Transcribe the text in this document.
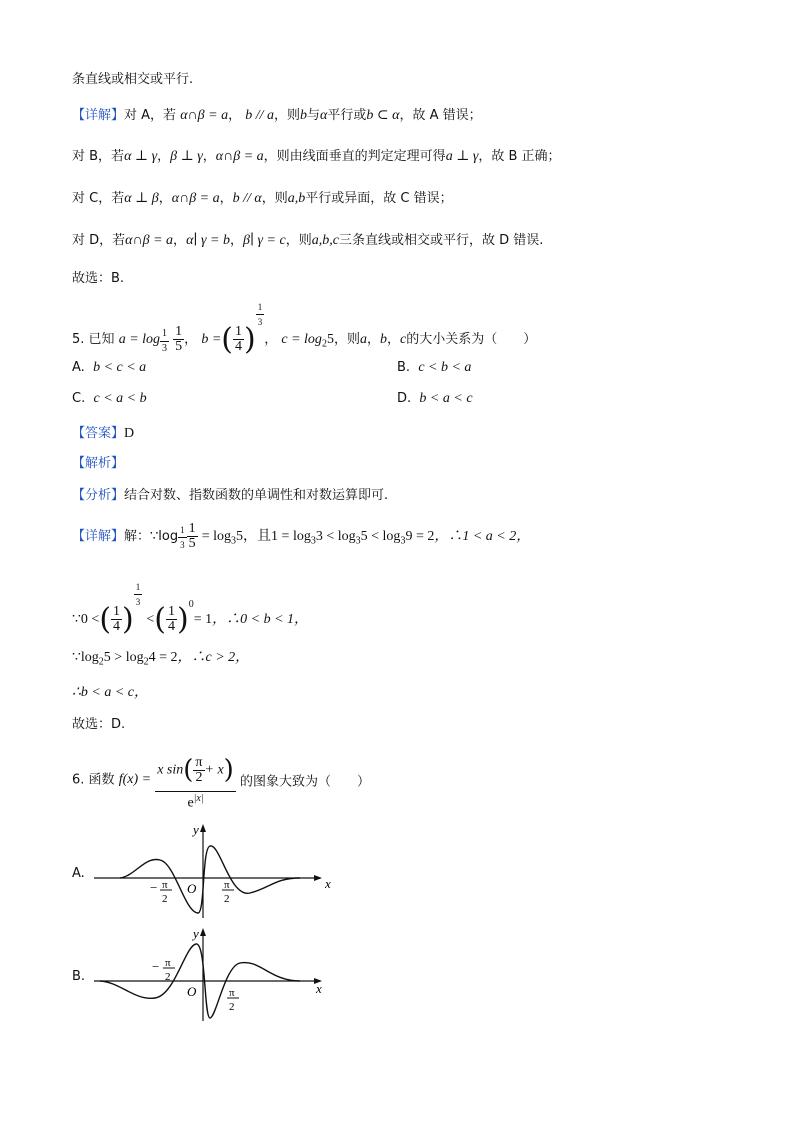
条直线或相交或平行.
【详解】对 A，若 α∩β = a， b // a，则b与α平行或b ⊂ α，故 A 错误；
对 B，若α ⊥ γ，β ⊥ γ，α∩β = a，则由线面垂直的判定定理可得a ⊥ γ，故 B 正确；
对 C，若α ⊥ β，α∩β = a，b // α，则a,b平行或异面，故 C 错误；
对 D，若α∩β = a，α∣ γ = b，β∣ γ = c，则a,b,c三条直线或相交或平行，故 D 错误.
故选：B.
5. 已知 $a = \log \frac{1}{3}$
$\frac{1}{5}$ ， b =( $\frac{1}{4}$ )
$\frac{1}{3}$
， $c = \log_25$，则a，b，c的大小关系为（　　）
A. b < c < a	B. c < b < a
C. c < a < b	D. b < a < c
【答案】D
【解析】
【分析】结合对数、指数函数的单调性和对数运算即可.
【详解】解：∵log $\frac{1}{3} \frac{1}{5} = \log_35$，且$1 = \log_33 < \log_35 < \log_39 = 2$，∴1 < a < 2，
∵0 <( $\frac{1}{4}$ )
$\frac{1}{3}$
<( $\frac{1}{4} )^0= 1$，∴0 < b < 1，
$\because\log_25 > \log_24 = 2$，∴c > 2，
∴b < a < c，
故选：D.
6. 函数 $f(x) = \frac{x \sin( \frac{\pi}{2} + x)}{e^{|x|}}$ 的图象大致为（　　）
A.
x
y
O
− π
2
π
2
B.
x
y
O
− π
2
π
2
